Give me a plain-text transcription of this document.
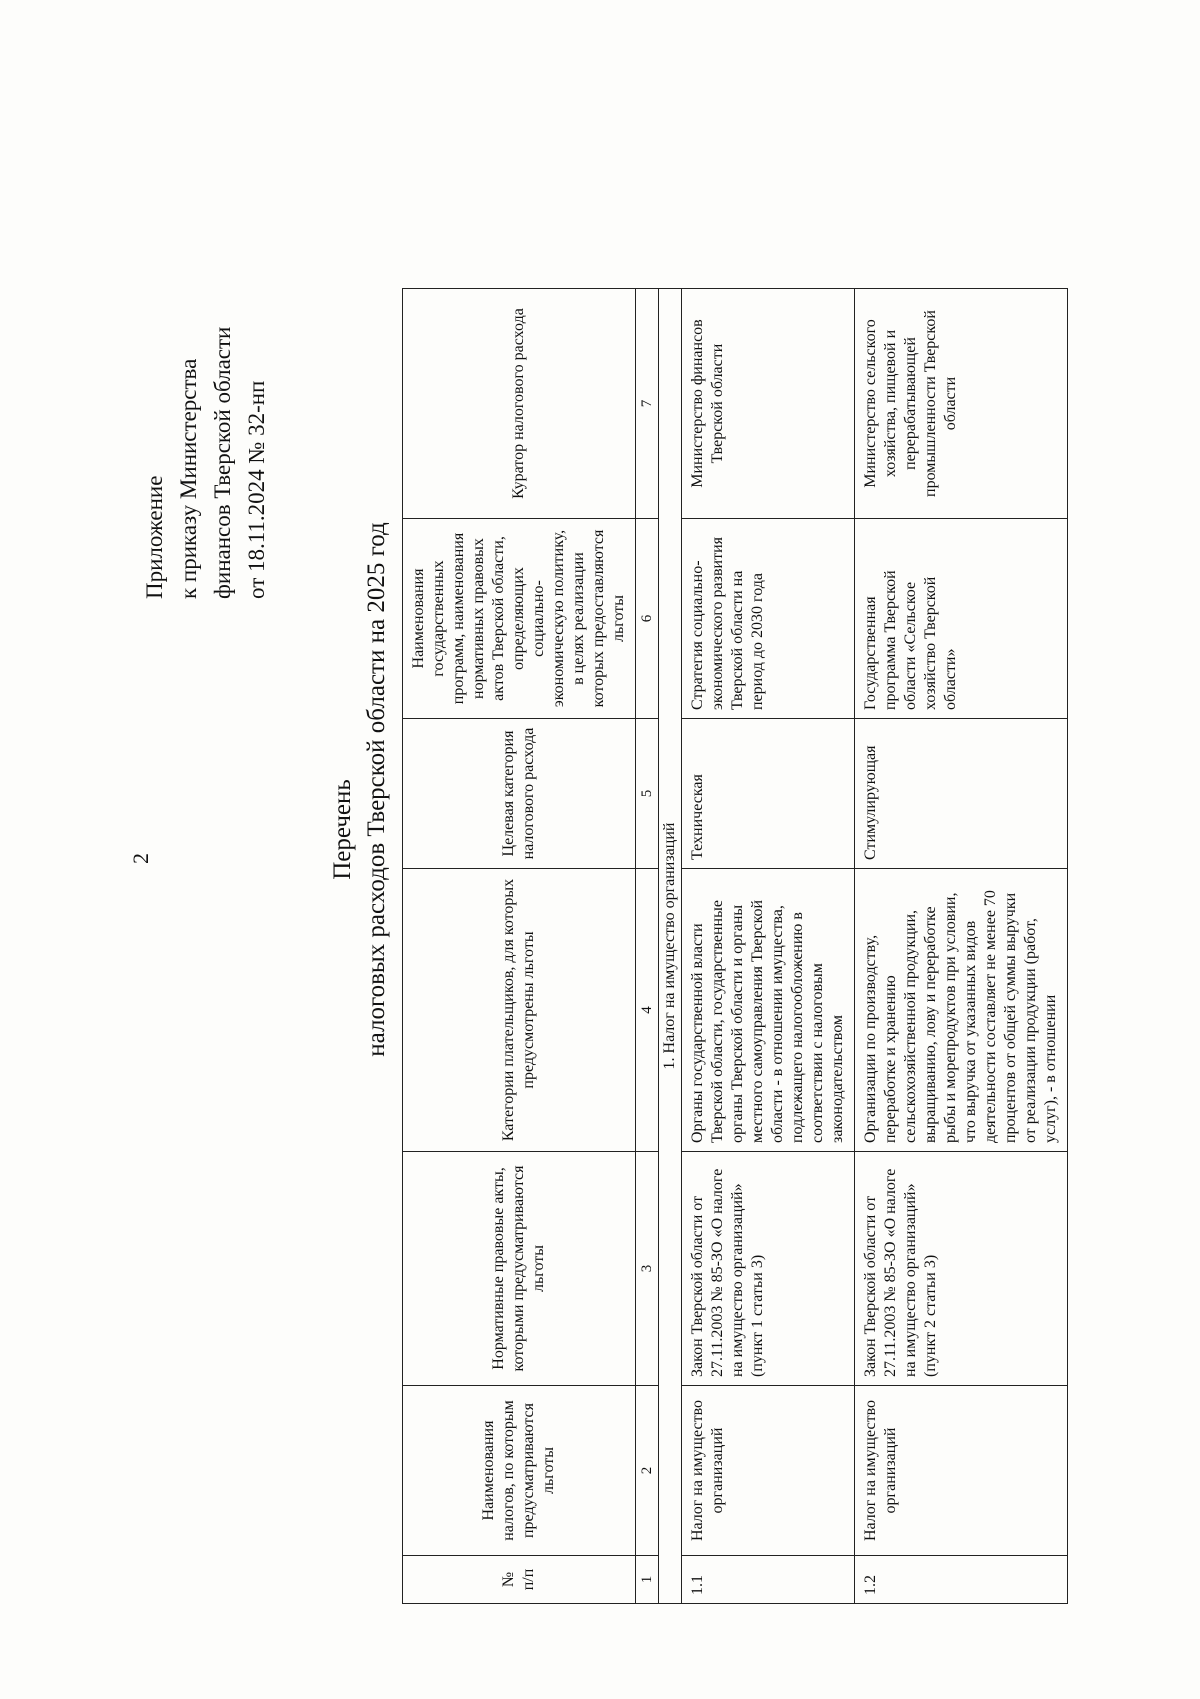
2
Приложение к приказу Министерства финансов Тверской области от 18.11.2024 № 32-нп
Перечень налоговых расходов Тверской области на 2025 год
№ п/п	Наименования налогов, по которым предусматриваются льготы	Нормативные правовые акты, которыми предусматриваются льготы	Категории плательщиков, для которых предусмотрены льготы	Целевая категория налогового расхода	Наименования государственных программ, наименования нормативных правовых актов Тверской области, определяющих социально-экономическую политику, в целях реализации которых предоставляются льготы	Куратор налогового расхода
1	2	3	4	5	6	7
1. Налог на имущество организаций						
1.1	Налог на имущество организаций	Закон Тверской области от 27.11.2003 № 85-ЗО «О налоге на имущество организаций» (пункт 1 статьи 3)	Органы государственной власти Тверской области, государственные органы Тверской области и органы местного самоуправления Тверской области - в отношении имущества, подлежащего налогообложению в соответствии с налоговым законодательством	Техническая	Стратегия социально-экономического развития Тверской области на период до 2030 года	Министерство финансов Тверской области
1.2	Налог на имущество организаций	Закон Тверской области от 27.11.2003 № 85-ЗО «О налоге на имущество организаций» (пункт 2 статьи 3)	Организации по производству, переработке и хранению сельскохозяйственной продукции, выращиванию, лову и переработке рыбы и морепродуктов при условии, что выручка от указанных видов деятельности составляет не менее 70 процентов от общей суммы выручки от реализации продукции (работ, услуг), - в отношении	Стимулирующая	Государственная программа Тверской области «Сельское хозяйство Тверской области»	Министерство сельского хозяйства, пищевой и перерабатывающей промышленности Тверской области
